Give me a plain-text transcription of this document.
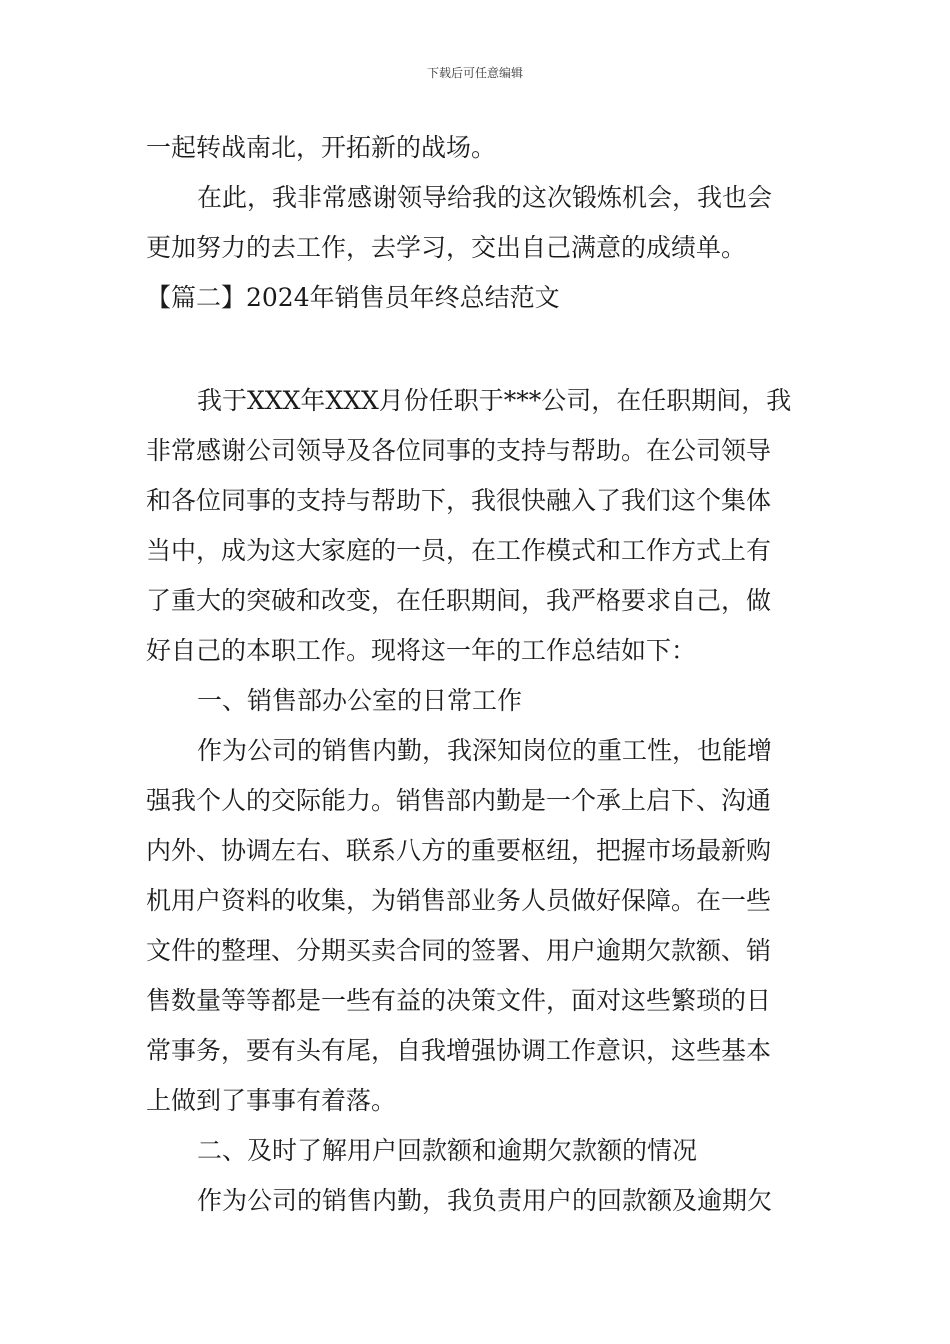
下载后可任意编辑
一起转战南北，开拓新的战场。
在此，我非常感谢领导给我的这次锻炼机会，我也会
更加努力的去工作，去学习，交出自己满意的成绩单。
【篇二】2024年销售员年终总结范文
我于XXX年XXX月份任职于***公司，在任职期间，我
非常感谢公司领导及各位同事的支持与帮助。在公司领导
和各位同事的支持与帮助下，我很快融入了我们这个集体
当中，成为这大家庭的一员，在工作模式和工作方式上有
了重大的突破和改变，在任职期间，我严格要求自己，做
好自己的本职工作。现将这一年的工作总结如下：
一、销售部办公室的日常工作
作为公司的销售内勤，我深知岗位的重工性，也能增
强我个人的交际能力。销售部内勤是一个承上启下、沟通
内外、协调左右、联系八方的重要枢纽，把握市场最新购
机用户资料的收集，为销售部业务人员做好保障。在一些
文件的整理、分期买卖合同的签署、用户逾期欠款额、销
售数量等等都是一些有益的决策文件，面对这些繁琐的日
常事务，要有头有尾，自我增强协调工作意识，这些基本
上做到了事事有着落。
二、及时了解用户回款额和逾期欠款额的情况
作为公司的销售内勤，我负责用户的回款额及逾期欠
